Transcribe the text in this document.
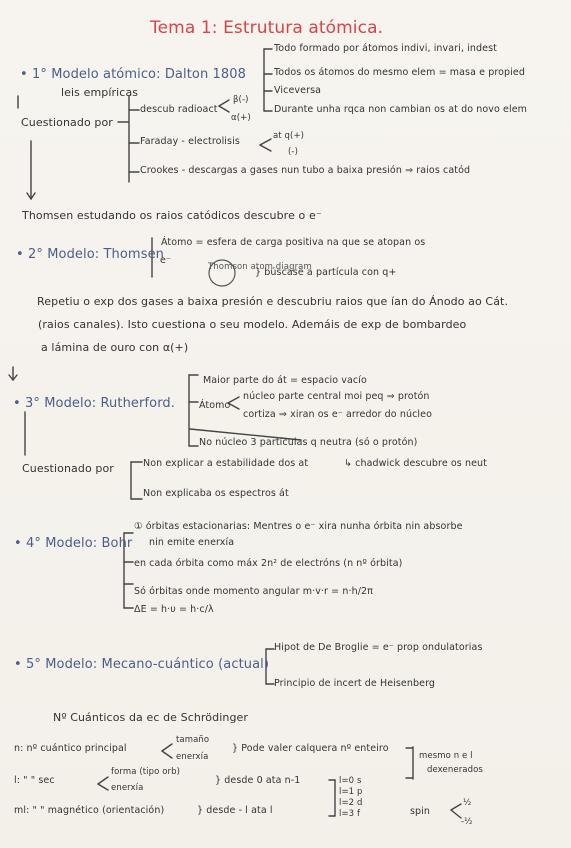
Tema 1: Estrutura atómica.
• 1° Modelo atómico: Dalton 1808
leis empíricas
Todo formado por átomos indivi, invari, indest
Todos os átomos do mesmo elem = masa e propied
Viceversa
Durante unha rqca non cambian os at do novo elem
Cuestionado por
descub radioact
β(-)
α(+)
Faraday - electrolisis	at q(+)
(-)
Crookes - descargas a gases nun tubo a baixa presión ⇒ raios catód
Thomsen estudando os raios catódicos descubre o e⁻
• 2° Modelo: Thomsen
Átomo = esfera de carga positiva na que se atopan os
e⁻
Thomson atom diagram
} búscase a partícula con q+
Repetiu o exp dos gases a baixa presión e descubriu raios que ían do Ánodo ao Cát.
(raios canales). Isto cuestiona o seu modelo. Ademáis de exp de bombardeo
a lámina de ouro con α(+)
• 3° Modelo: Rutherford.
Maior parte do át = espacio vacío
Átomo
núcleo parte central moi peq ⇒ protón
cortiza ⇒ xiran os e⁻ arredor do núcleo
No núcleo 3 partículas q neutra (só o protón)
Cuestionado por	Non explicar a estabilidade dos at	↳ chadwick descubre os neut
Non explicaba os espectros át
• 4° Modelo: Bohr
① órbitas estacionarias: Mentres o e⁻ xira nunha órbita nin absorbe
nin emite enerxía
en cada órbita como máx 2n² de electróns (n nº órbita)
Só órbitas onde momento angular m·v·r = n·h/2π
ΔE = h·υ = h·c/λ
• 5° Modelo: Mecano-cuántico (actual)
Hipot de De Broglie = e⁻ prop ondulatorias
Principio de incert de Heisenberg
Nº Cuánticos da ec de Schrödinger
n: nº cuántico principal
tamaño
enerxía
} Pode valer calquera nº enteiro
mesmo n e l
dexenerados
l: " " sec
forma (tipo orb)
enerxía
} desde 0 ata n-1	l=0 s
l=1 p
l=2 d
l=3 f
ml: " " magnético (orientación)	} desde - l ata l	spin
½
-½
